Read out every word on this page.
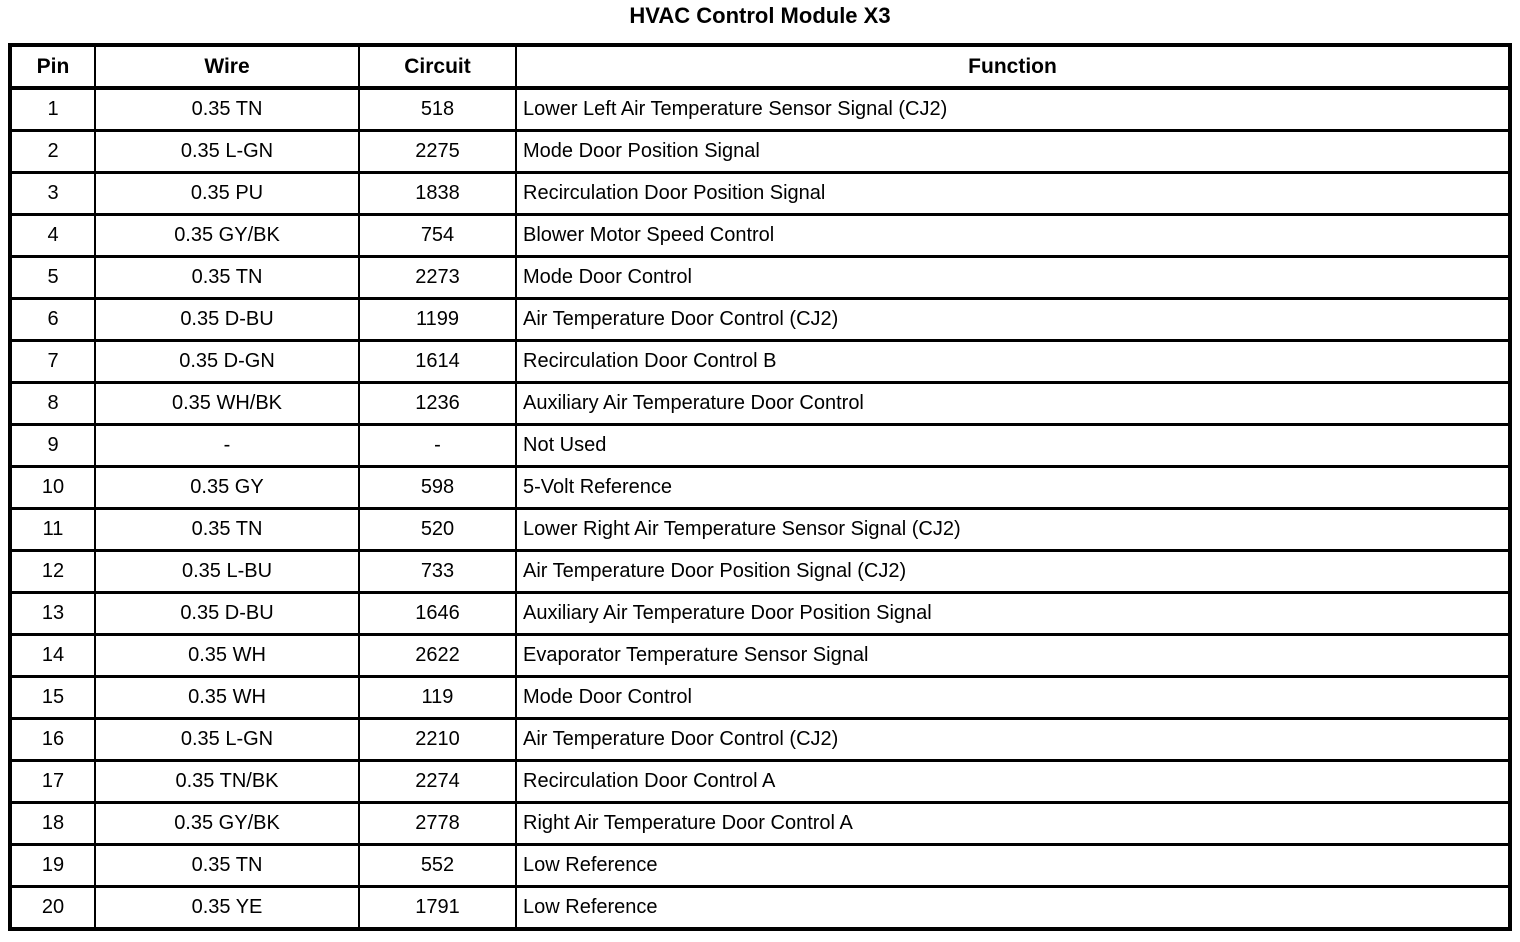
HVAC Control Module X3
Pin	Wire	Circuit	Function
1	0.35 TN	518	Lower Left Air Temperature Sensor Signal (CJ2)
2	0.35 L-GN	2275	Mode Door Position Signal
3	0.35 PU	1838	Recirculation Door Position Signal
4	0.35 GY/BK	754	Blower Motor Speed Control
5	0.35 TN	2273	Mode Door Control
6	0.35 D-BU	1199	Air Temperature Door Control (CJ2)
7	0.35 D-GN	1614	Recirculation Door Control B
8	0.35 WH/BK	1236	Auxiliary Air Temperature Door Control
9	-	-	Not Used
10	0.35 GY	598	5-Volt Reference
11	0.35 TN	520	Lower Right Air Temperature Sensor Signal (CJ2)
12	0.35 L-BU	733	Air Temperature Door Position Signal (CJ2)
13	0.35 D-BU	1646	Auxiliary Air Temperature Door Position Signal
14	0.35 WH	2622	Evaporator Temperature Sensor Signal
15	0.35 WH	119	Mode Door Control
16	0.35 L-GN	2210	Air Temperature Door Control (CJ2)
17	0.35 TN/BK	2274	Recirculation Door Control A
18	0.35 GY/BK	2778	Right Air Temperature Door Control A
19	0.35 TN	552	Low Reference
20	0.35 YE	1791	Low Reference
